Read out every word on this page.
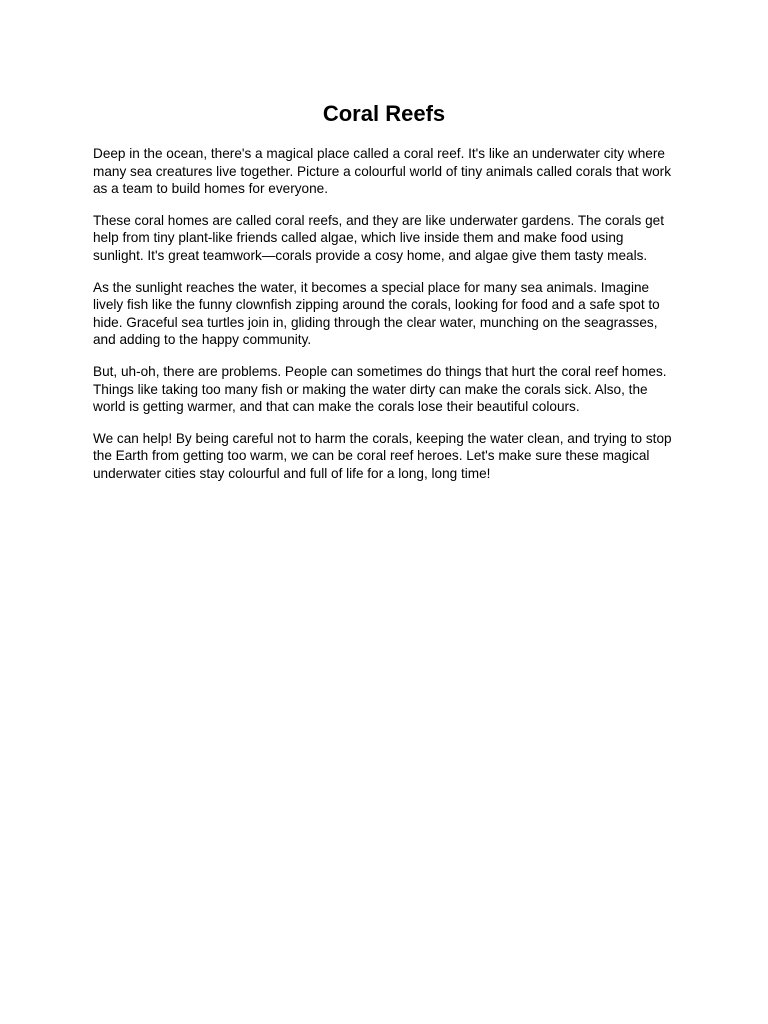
Coral Reefs

Deep in the ocean, there's a magical place called a coral reef. It's like an underwater city where many sea creatures live together. Picture a colourful world of tiny animals called corals that work as a team to build homes for everyone.

These coral homes are called coral reefs, and they are like underwater gardens. The corals get help from tiny plant-like friends called algae, which live inside them and make food using sunlight. It's great teamwork—corals provide a cosy home, and algae give them tasty meals.

As the sunlight reaches the water, it becomes a special place for many sea animals. Imagine lively fish like the funny clownfish zipping around the corals, looking for food and a safe spot to hide. Graceful sea turtles join in, gliding through the clear water, munching on the seagrasses, and adding to the happy community.

But, uh-oh, there are problems. People can sometimes do things that hurt the coral reef homes. Things like taking too many fish or making the water dirty can make the corals sick. Also, the world is getting warmer, and that can make the corals lose their beautiful colours.

We can help! By being careful not to harm the corals, keeping the water clean, and trying to stop the Earth from getting too warm, we can be coral reef heroes. Let's make sure these magical underwater cities stay colourful and full of life for a long, long time!
